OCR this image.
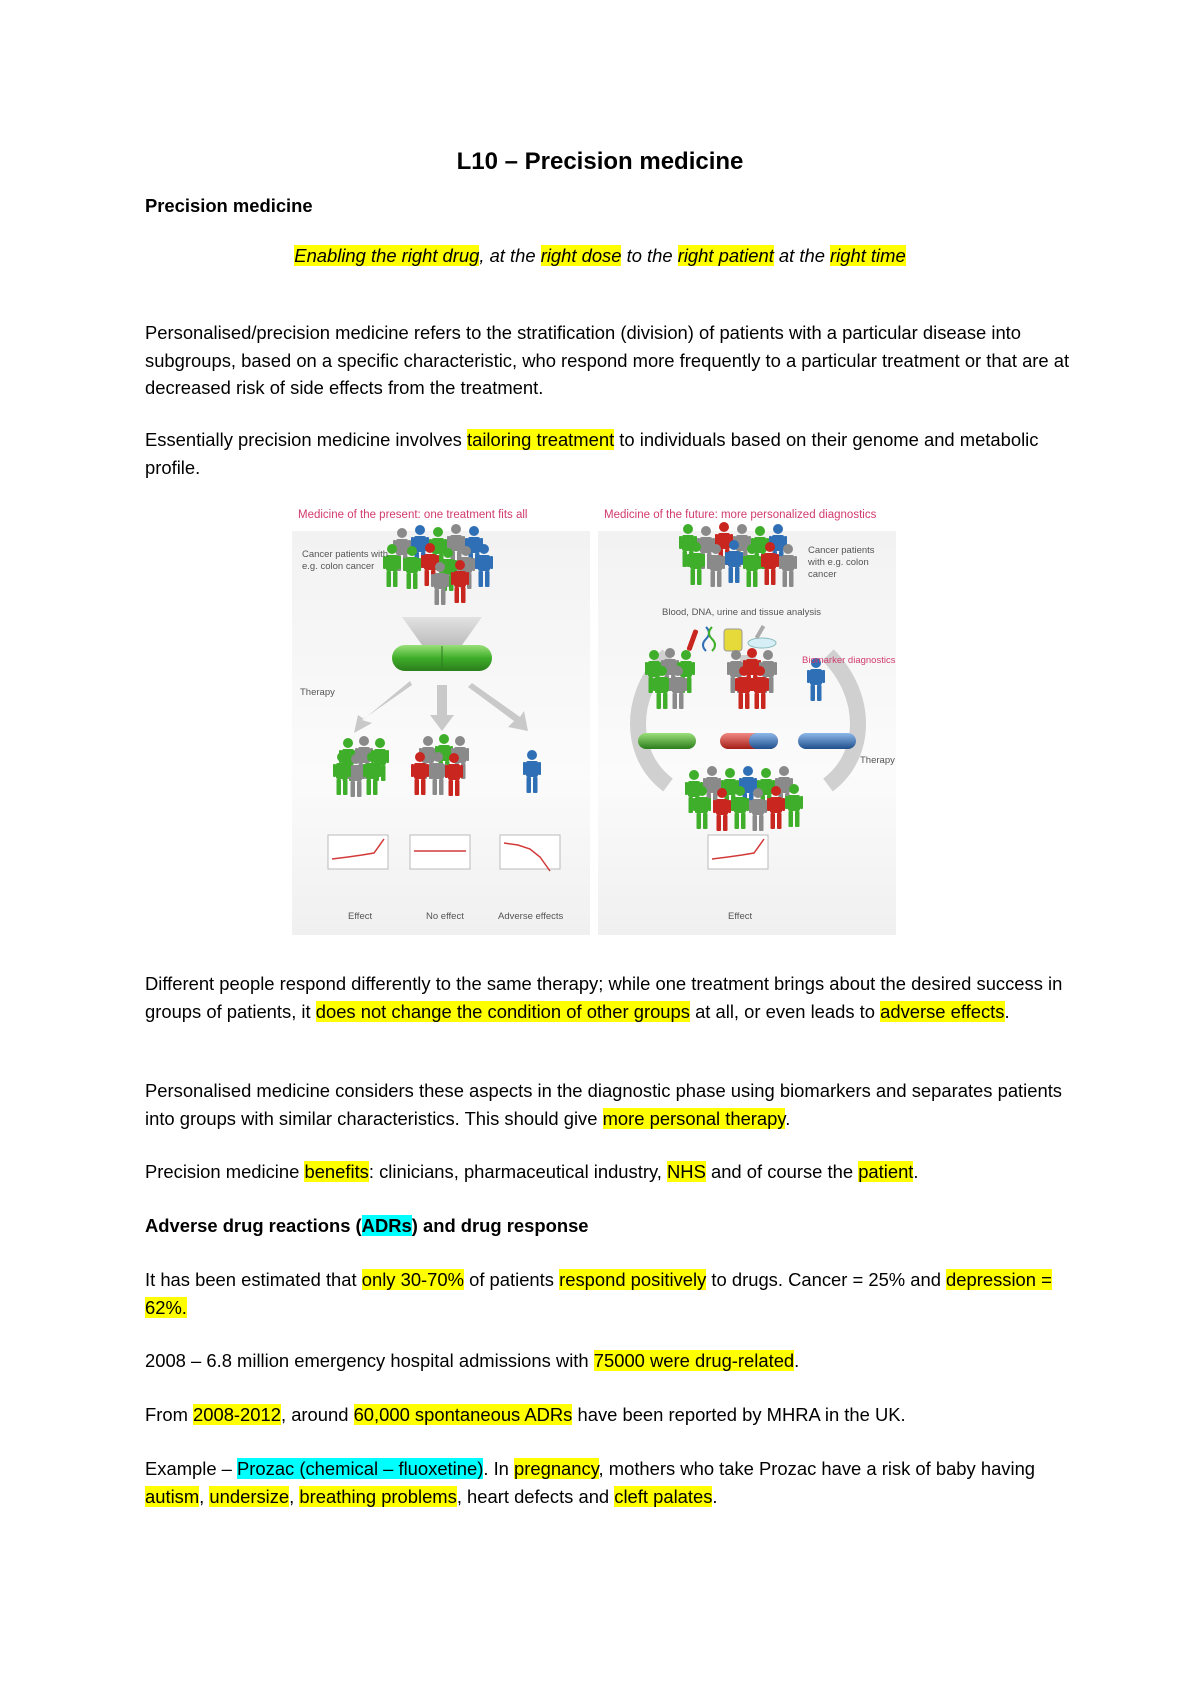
L10 – Precision medicine
Precision medicine
Enabling the right drug, at the right dose to the right patient at the right time
Personalised/precision medicine refers to the stratification (division) of patients with a particular disease into subgroups, based on a specific characteristic, who respond more frequently to a particular treatment or that are at decreased risk of side effects from the treatment.
Essentially precision medicine involves tailoring treatment to individuals based on their genome and metabolic profile.
Medicine of the present: one treatment fits all
Cancer patients with e.g. colon cancer
Therapy
Effect	No effect	Adverse effects
Medicine of the future: more personalized diagnostics
Cancer patients with e.g. colon cancer
Blood, DNA, urine and tissue analysis
Biomarker diagnostics
Therapy
Effect
Different people respond differently to the same therapy; while one treatment brings about the desired success in groups of patients, it does not change the condition of other groups at all, or even leads to adverse effects.
Personalised medicine considers these aspects in the diagnostic phase using biomarkers and separates patients into groups with similar characteristics. This should give more personal therapy.
Precision medicine benefits: clinicians, pharmaceutical industry, NHS and of course the patient.
Adverse drug reactions (ADRs) and drug response
It has been estimated that only 30-70% of patients respond positively to drugs. Cancer = 25% and depression = 62%.
2008 – 6.8 million emergency hospital admissions with 75000 were drug-related.
From 2008-2012, around 60,000 spontaneous ADRs have been reported by MHRA in the UK.
Example – Prozac (chemical – fluoxetine). In pregnancy, mothers who take Prozac have a risk of baby having autism, undersize, breathing problems, heart defects and cleft palates.
